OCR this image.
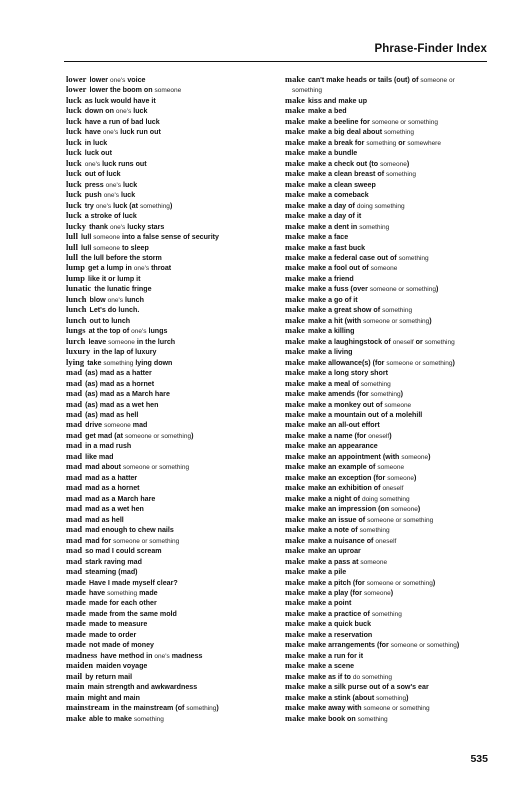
Phrase-Finder Index
lower lower one's voice
lower lower the boom on someone
luck as luck would have it
luck down on one's luck
luck have a run of bad luck
luck have one's luck run out
luck in luck
luck luck out
luck one's luck runs out
luck out of luck
luck press one's luck
luck push one's luck
luck try one's luck (at something)
luck a stroke of luck
lucky thank one's lucky stars
lull lull someone into a false sense of security
lull lull someone to sleep
lull the lull before the storm
lump get a lump in one's throat
lump like it or lump it
lunatic the lunatic fringe
lunch blow one's lunch
lunch Let's do lunch.
lunch out to lunch
lungs at the top of one's lungs
lurch leave someone in the lurch
luxury in the lap of luxury
lying take something lying down
mad (as) mad as a hatter
mad (as) mad as a hornet
mad (as) mad as a March hare
mad (as) mad as a wet hen
mad (as) mad as hell
mad drive someone mad
mad get mad (at someone or something)
mad in a mad rush
mad like mad
mad mad about someone or something
mad mad as a hatter
mad mad as a hornet
mad mad as a March hare
mad mad as a wet hen
mad mad as hell
mad mad enough to chew nails
mad mad for someone or something
mad so mad I could scream
mad stark raving mad
mad steaming (mad)
made Have I made myself clear?
made have something made
made made for each other
made made from the same mold
made made to measure
made made to order
made not made of money
madness have method in one's madness
maiden maiden voyage
mail by return mail
main main strength and awkwardness
main might and main
mainstream in the mainstream (of something)
make able to make something
make can't make heads or tails (out) of someone or
something
make kiss and make up
make make a bed
make make a beeline for someone or something
make make a big deal about something
make make a break for something or somewhere
make make a bundle
make make a check out (to someone)
make make a clean breast of something
make make a clean sweep
make make a comeback
make make a day of doing something
make make a day of it
make make a dent in something
make make a face
make make a fast buck
make make a federal case out of something
make make a fool out of someone
make make a friend
make make a fuss (over someone or something)
make make a go of it
make make a great show of something
make make a hit (with someone or something)
make make a killing
make make a laughingstock of oneself or something
make make a living
make make allowance(s) (for someone or something)
make make a long story short
make make a meal of something
make make amends (for something)
make make a monkey out of someone
make make a mountain out of a molehill
make make an all-out effort
make make a name (for oneself)
make make an appearance
make make an appointment (with someone)
make make an example of someone
make make an exception (for someone)
make make an exhibition of oneself
make make a night of doing something
make make an impression (on someone)
make make an issue of someone or something
make make a note of something
make make a nuisance of oneself
make make an uproar
make make a pass at someone
make make a pile
make make a pitch (for someone or something)
make make a play (for someone)
make make a point
make make a practice of something
make make a quick buck
make make a reservation
make make arrangements (for someone or something)
make make a run for it
make make a scene
make make as if to do something
make make a silk purse out of a sow's ear
make make a stink (about something)
make make away with someone or something
make make book on something
535
